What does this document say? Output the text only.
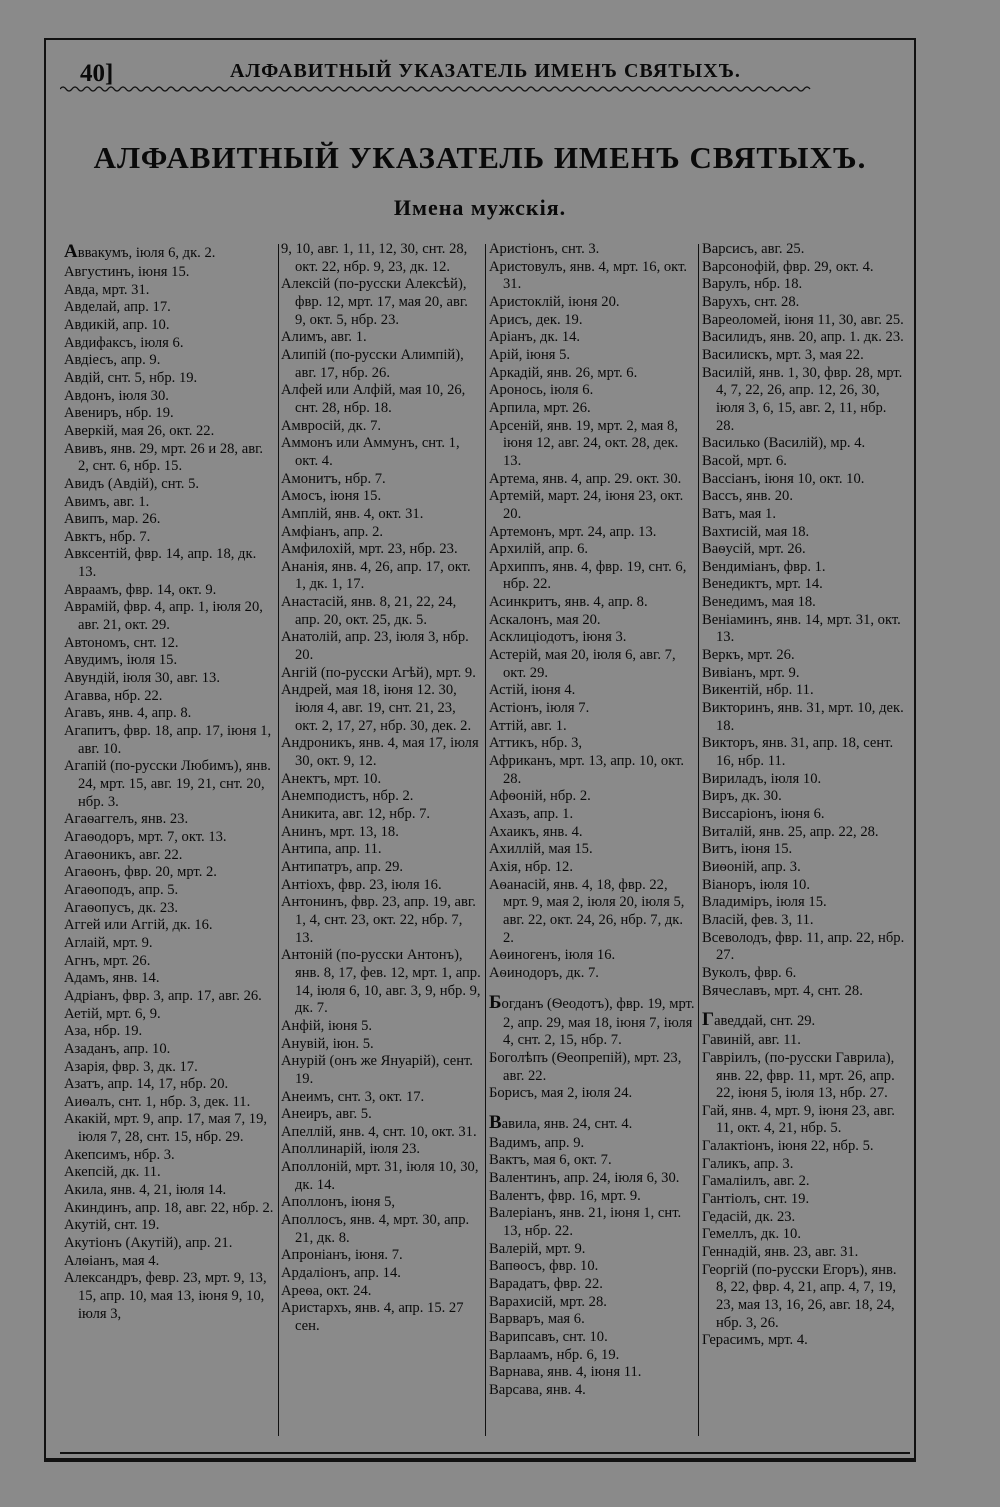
40]	АЛФАВИТНЫЙ УКАЗАТЕЛЬ ИМЕНЪ СВЯТЫХЪ.
АЛФАВИТНЫЙ УКАЗАТЕЛЬ ИМЕНЪ СВЯТЫХЪ.
Имена мужскія.
Аввакумъ, іюля 6, дк. 2.
Августинъ, іюня 15.
Авда, мрт. 31.
Авделай, апр. 17.
Авдикій, апр. 10.
Авдифаксъ, іюля 6.
Авдіесъ, апр. 9.
Авдій, снт. 5, нбр. 19.
Авдонъ, іюля 30.
Авениръ, нбр. 19.
Аверкій, мая 26, окт. 22.
Авивъ, янв. 29, мрт. 26 и 28, авг. 2, снт. 6, нбр. 15.
Авидъ (Авдій), снт. 5.
Авимъ, авг. 1.
Авипъ, мар. 26.
Авктъ, нбр. 7.
Авксентій, фвр. 14, апр. 18, дк. 13.
Авраамъ, фвр. 14, окт. 9.
Аврамій, фвр. 4, апр. 1, іюля 20, авг. 21, окт. 29.
Автономъ, снт. 12.
Авудимъ, іюля 15.
Авундій, іюля 30, авг. 13.
Агавва, нбр. 22.
Агавъ, янв. 4, апр. 8.
Агапитъ, фвр. 18, апр. 17, іюня 1, авг. 10.
Агапій (по-русски Любимъ), янв. 24, мрт. 15, авг. 19, 21, снт. 20, нбр. 3.
Агаѳаггелъ, янв. 23.
Агаѳодоръ, мрт. 7, окт. 13.
Агаѳоникъ, авг. 22.
Агаѳонъ, фвр. 20, мрт. 2.
Агаѳоподъ, апр. 5.
Агаѳопусъ, дк. 23.
Аггей или Аггій, дк. 16.
Аглаій, мрт. 9.
Агнъ, мрт. 26.
Адамъ, янв. 14.
Адріанъ, фвр. 3, апр. 17, авг. 26.
Аетій, мрт. 6, 9.
Аза, нбр. 19.
Азаданъ, апр. 10.
Азарія, фвр. 3, дк. 17.
Азатъ, апр. 14, 17, нбр. 20.
Аиѳалъ, снт. 1, нбр. 3, дек. 11.
Акакій, мрт. 9, апр. 17, мая 7, 19, іюля 7, 28, снт. 15, нбр. 29.
Акепсимъ, нбр. 3.
Акепсій, дк. 11.
Акила, янв. 4, 21, іюля 14.
Акиндинъ, апр. 18, авг. 22, нбр. 2.
Акутій, снт. 19.
Акутіонъ (Акутій), апр. 21.
Алѳіанъ, мая 4.
Александръ, февр. 23, мрт. 9, 13, 15, апр. 10, мая 13, іюня 9, 10, іюля 3,
9, 10, авг. 1, 11, 12, 30, снт. 28, окт. 22, нбр. 9, 23, дк. 12.
Алексій (по-русски Алексѣй), фвр. 12, мрт. 17, мая 20, авг. 9, окт. 5, нбр. 23.
Алимъ, авг. 1.
Алипій (по-русски Алимпій), авг. 17, нбр. 26.
Алфей или Алфій, мая 10, 26, снт. 28, нбр. 18.
Амвросій, дк. 7.
Аммонъ или Аммунъ, снт. 1, окт. 4.
Амонитъ, нбр. 7.
Амосъ, іюня 15.
Амплій, янв. 4, окт. 31.
Амфіанъ, апр. 2.
Амфилохій, мрт. 23, нбр. 23.
Ананія, янв. 4, 26, апр. 17, окт. 1, дк. 1, 17.
Анастасій, янв. 8, 21, 22, 24, апр. 20, окт. 25, дк. 5.
Анатолій, апр. 23, іюля 3, нбр. 20.
Ангій (по-русски Агѣй), мрт. 9.
Андрей, мая 18, іюня 12. 30, іюля 4, авг. 19, снт. 21, 23, окт. 2, 17, 27, нбр. 30, дек. 2.
Андроникъ, янв. 4, мая 17, іюля 30, окт. 9, 12.
Анектъ, мрт. 10.
Анемподистъ, нбр. 2.
Аникита, авг. 12, нбр. 7.
Анинъ, мрт. 13, 18.
Антипа, апр. 11.
Антипатръ, апр. 29.
Антіохъ, фвр. 23, іюля 16.
Антонинъ, фвр. 23, апр. 19, авг. 1, 4, снт. 23, окт. 22, нбр. 7, 13.
Антоній (по-русски Антонъ), янв. 8, 17, фев. 12, мрт. 1, апр. 14, іюля 6, 10, авг. 3, 9, нбр. 9, дк. 7.
Анфій, іюня 5.
Анувій, іюн. 5.
Анурій (онъ же Януарій), сент. 19.
Анеимъ, снт. 3, окт. 17.
Анеиръ, авг. 5.
Апеллій, янв. 4, снт. 10, окт. 31.
Аполлинарій, іюля 23.
Аполлоній, мрт. 31, іюля 10, 30, дк. 14.
Аполлонъ, іюня 5,
Аполлосъ, янв. 4, мрт. 30, апр. 21, дк. 8.
Апроніанъ, іюня. 7.
Ардаліонъ, апр. 14.
Ареѳа, окт. 24.
Аристархъ, янв. 4, апр. 15. 27 сен.
Аристіонъ, снт. 3.
Аристовулъ, янв. 4, мрт. 16, окт. 31.
Аристоклій, іюня 20.
Арисъ, дек. 19.
Аріанъ, дк. 14.
Арій, іюня 5.
Аркадій, янв. 26, мрт. 6.
Аронось, іюля 6.
Арпила, мрт. 26.
Арсеній, янв. 19, мрт. 2, мая 8, іюня 12, авг. 24, окт. 28, дек. 13.
Артема, янв. 4, апр. 29. окт. 30.
Артемій, март. 24, іюня 23, окт. 20.
Артемонъ, мрт. 24, апр. 13.
Архилій, апр. 6.
Архиппъ, янв. 4, фвр. 19, снт. 6, нбр. 22.
Асинкритъ, янв. 4, апр. 8.
Аскалонъ, мая 20.
Асклиціодотъ, іюня 3.
Астерій, мая 20, іюля 6, авг. 7, окт. 29.
Астій, іюня 4.
Астіонъ, іюля 7.
Аттій, авг. 1.
Аттикъ, нбр. 3,
Африканъ, мрт. 13, апр. 10, окт. 28.
Афѳоній, нбр. 2.
Ахазъ, апр. 1.
Ахаикъ, янв. 4.
Ахиллій, мая 15.
Ахія, нбр. 12.
Аѳанасій, янв. 4, 18, фвр. 22, мрт. 9, мая 2, іюля 20, іюля 5, авг. 22, окт. 24, 26, нбр. 7, дк. 2.
Аѳиногенъ, іюля 16.
Аѳинодоръ, дк. 7.
Богданъ (Ѳеодотъ), фвр. 19, мрт. 2, апр. 29, мая 18, іюня 7, іюля 4, снт. 2, 15, нбр. 7.
Боголѣпъ (Ѳеопрепій), мрт. 23, авг. 22.
Борисъ, мая 2, іюля 24.
Вавила, янв. 24, снт. 4.
Вадимъ, апр. 9.
Вактъ, мая 6, окт. 7.
Валентинъ, апр. 24, іюля 6, 30.
Валентъ, фвр. 16, мрт. 9.
Валеріанъ, янв. 21, іюня 1, снт. 13, нбр. 22.
Валерій, мрт. 9.
Вапѳосъ, фвр. 10.
Варадатъ, фвр. 22.
Варахисій, мрт. 28.
Варваръ, мая 6.
Варипсавъ, снт. 10.
Варлаамъ, нбр. 6, 19.
Варнава, янв. 4, іюня 11.
Варсава, янв. 4.
Варсисъ, авг. 25.
Варсонофій, фвр. 29, окт. 4.
Варулъ, нбр. 18.
Варухъ, снт. 28.
Вареоломей, іюня 11, 30, авг. 25.
Василидъ, янв. 20, апр. 1. дк. 23.
Василискъ, мрт. 3, мая 22.
Василій, янв. 1, 30, фвр. 28, мрт. 4, 7, 22, 26, апр. 12, 26, 30, іюля 3, 6, 15, авг. 2, 11, нбр. 28.
Василько (Василій), мр. 4.
Васой, мрт. 6.
Вассіанъ, іюня 10, окт. 10.
Вассъ, янв. 20.
Ватъ, мая 1.
Вахтисій, мая 18.
Ваѳусій, мрт. 26.
Вендиміанъ, фвр. 1.
Венедиктъ, мрт. 14.
Венедимъ, мая 18.
Веніаминъ, янв. 14, мрт. 31, окт. 13.
Веркъ, мрт. 26.
Вивіанъ, мрт. 9.
Викентій, нбр. 11.
Викторинъ, янв. 31, мрт. 10, дек. 18.
Викторъ, янв. 31, апр. 18, сент. 16, нбр. 11.
Вириладъ, іюля 10.
Виръ, дк. 30.
Виссаріонъ, іюня 6.
Виталій, янв. 25, апр. 22, 28.
Витъ, іюня 15.
Виѳоній, апр. 3.
Віаноръ, іюля 10.
Владиміръ, іюля 15.
Власій, фев. 3, 11.
Всеволодъ, фвр. 11, апр. 22, нбр. 27.
Вуколъ, фвр. 6.
Вячеславъ, мрт. 4, снт. 28.
Гаведдай, снт. 29.
Гавиній, авг. 11.
Гавріилъ, (по-русски Гаврила), янв. 22, фвр. 11, мрт. 26, апр. 22, іюня 5, іюля 13, нбр. 27.
Гай, янв. 4, мрт. 9, іюня 23, авг. 11, окт. 4, 21, нбр. 5.
Галактіонъ, іюня 22, нбр. 5.
Галикъ, апр. 3.
Гамаліилъ, авг. 2.
Гантіолъ, снт. 19.
Гедасій, дк. 23.
Гемеллъ, дк. 10.
Геннадій, янв. 23, авг. 31.
Георгій (по-русски Егоръ), янв. 8, 22, фвр. 4, 21, апр. 4, 7, 19, 23, мая 13, 16, 26, авг. 18, 24, нбр. 3, 26.
Герасимъ, мрт. 4.
